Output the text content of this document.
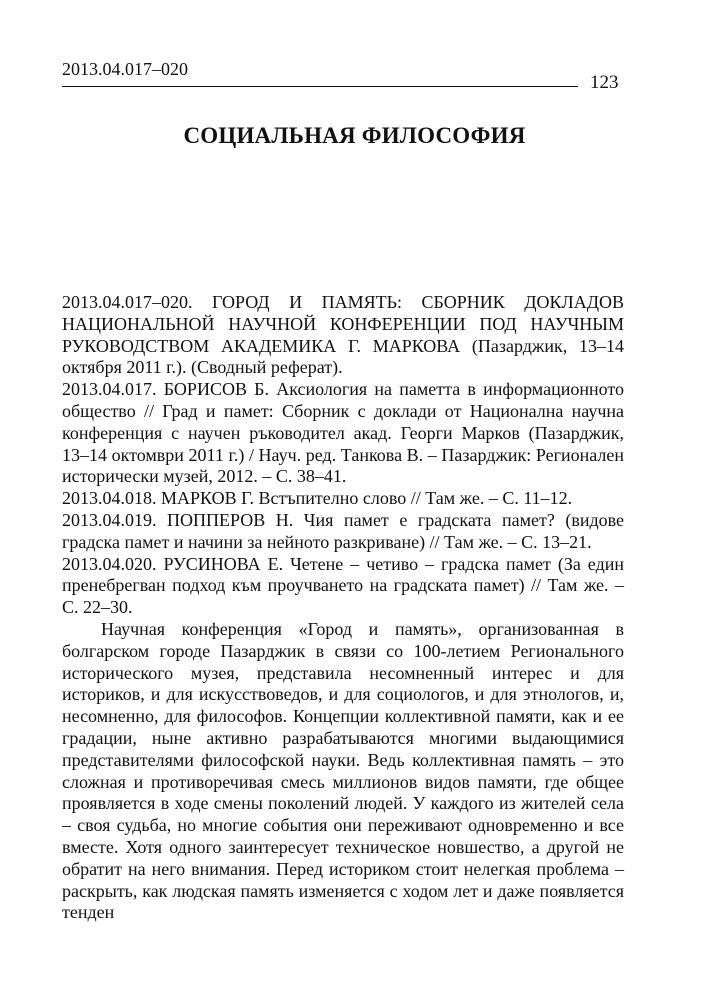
2013.04.017–020
123
СОЦИАЛЬНАЯ ФИЛОСОФИЯ

2013.04.017–020. ГОРОД И ПАМЯТЬ: СБОРНИК ДОКЛАДОВ НАЦИОНАЛЬНОЙ НАУЧНОЙ КОНФЕРЕНЦИИ ПОД НАУЧНЫМ РУКОВОДСТВОМ АКАДЕМИКА Г. МАРКОВА (Пазарджик, 13–14 октября 2011 г.). (Сводный реферат).

2013.04.017. БОРИСОВ Б. Аксиология на паметта в информационното общество // Град и памет: Сборник с доклади от Национална научна конференция с научен ръководител акад. Георги Марков (Пазарджик, 13–14 октомври 2011 г.) / Науч. ред. Танкова В. – Пазарджик: Регионален исторически музей, 2012. – С. 38–41.

2013.04.018. МАРКОВ Г. Встъпително слово // Там же. – С. 11–12.

2013.04.019. ПОППЕРОВ Н. Чия памет е градската памет? (видове градска памет и начини за нейното разкриване) // Там же. – С. 13–21.

2013.04.020. РУСИНОВА Е. Четене – четиво – градска памет (За един пренебрегван подход към проучването на градската памет) // Там же. – С. 22–30.

Научная конференция «Город и память», организованная в болгарском городе Пазарджик в связи со 100-летием Регионального исторического музея, представила несомненный интерес и для историков, и для искусствоведов, и для социологов, и для этнологов, и, несомненно, для философов. Концепции коллективной памяти, как и ее градации, ныне активно разрабатываются многими выдающимися представителями философской науки. Ведь коллективная память – это сложная и противоречивая смесь миллионов видов памяти, где общее проявляется в ходе смены поколений людей. У каждого из жителей села – своя судьба, но многие события они переживают одновременно и все вместе. Хотя одного заинтересует техническое новшество, а другой не обратит на него внимания. Перед историком стоит нелегкая проблема – раскрыть, как людская память изменяется с ходом лет и даже появляется тенден
